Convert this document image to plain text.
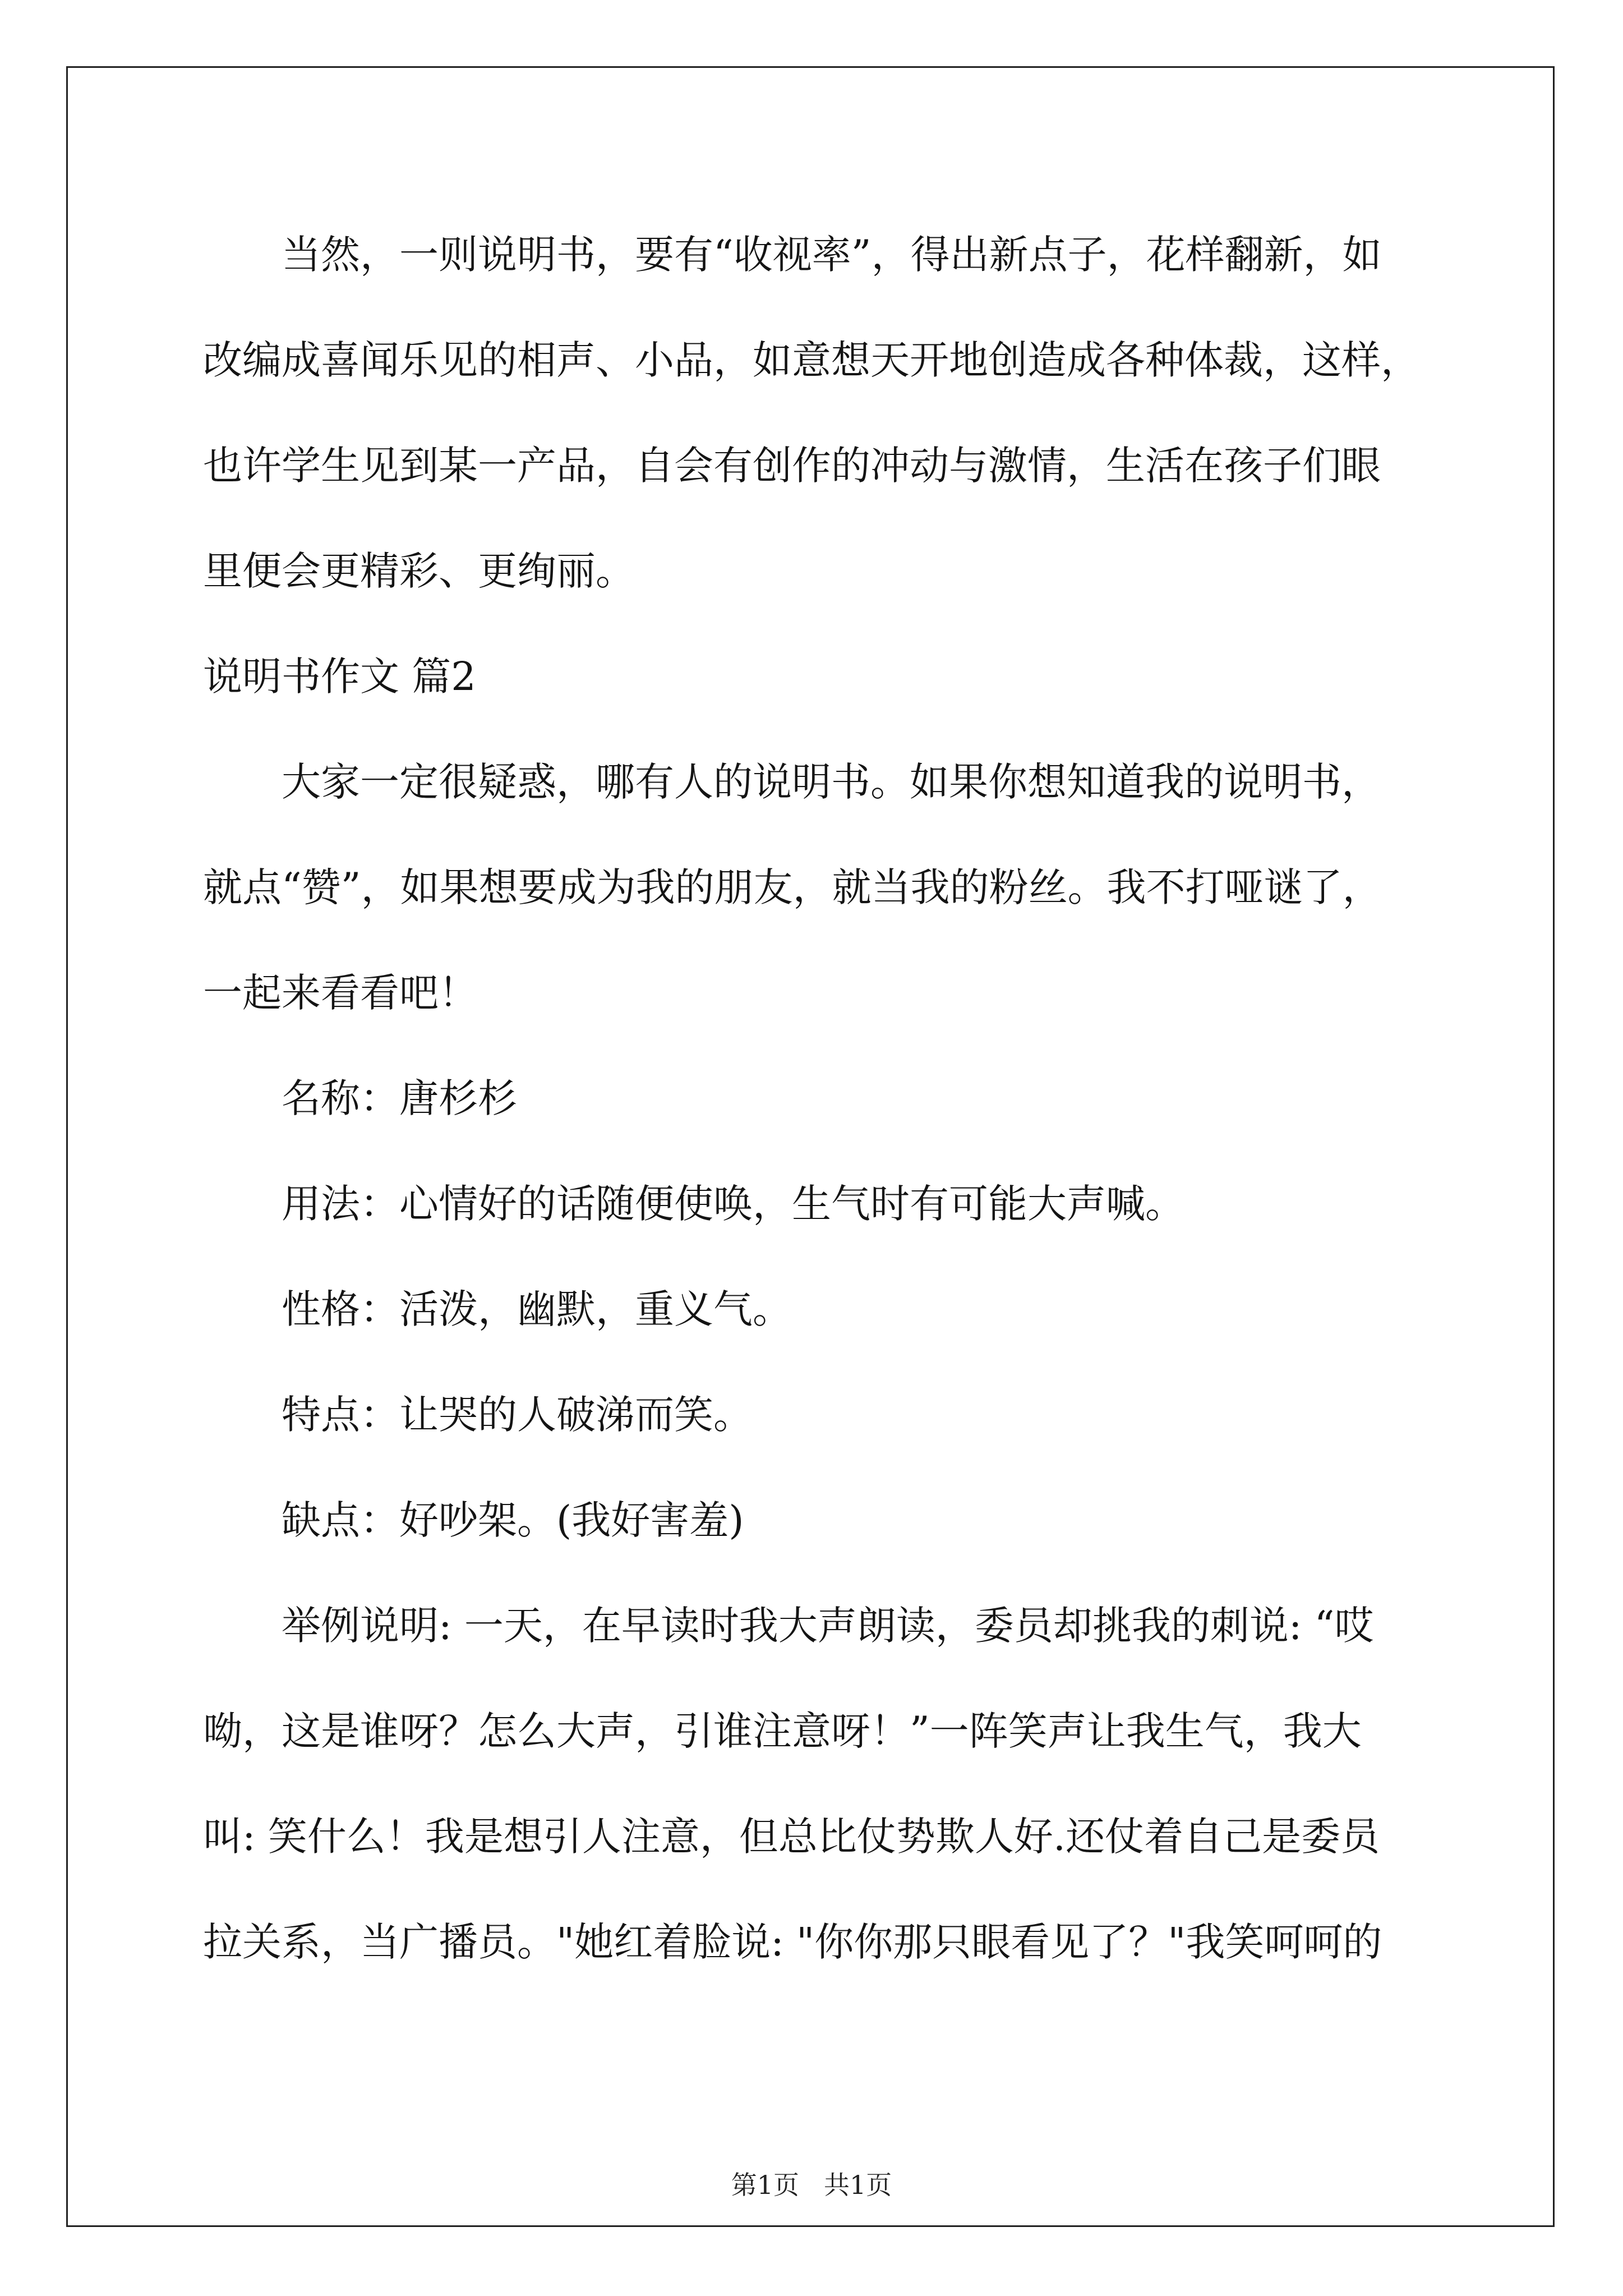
当然，一则说明书，要有“收视率”，得出新点子，花样翻新，如
改编成喜闻乐见的相声、小品，如意想天开地创造成各种体裁，这样，
也许学生见到某一产品，自会有创作的冲动与激情，生活在孩子们眼
里便会更精彩、更绚丽。
说明书作文 篇2
大家一定很疑惑，哪有人的说明书。如果你想知道我的说明书，
就点“赞”，如果想要成为我的朋友，就当我的粉丝。我不打哑谜了，
一起来看看吧！
名称：唐杉杉
用法：心情好的话随便使唤，生气时有可能大声喊。
性格：活泼，幽默，重义气。
特点：让哭的人破涕而笑。
缺点：好吵架。(我好害羞)
举例说明: 一天，在早读时我大声朗读，委员却挑我的刺说: “哎
呦，这是谁呀？怎么大声，引谁注意呀！”一阵笑声让我生气，我大
叫: 笑什么！我是想引人注意，但总比仗势欺人好.还仗着自己是委员
拉关系，当广播员。"她红着脸说: "你你那只眼看见了？"我笑呵呵的
第1页 共1页
